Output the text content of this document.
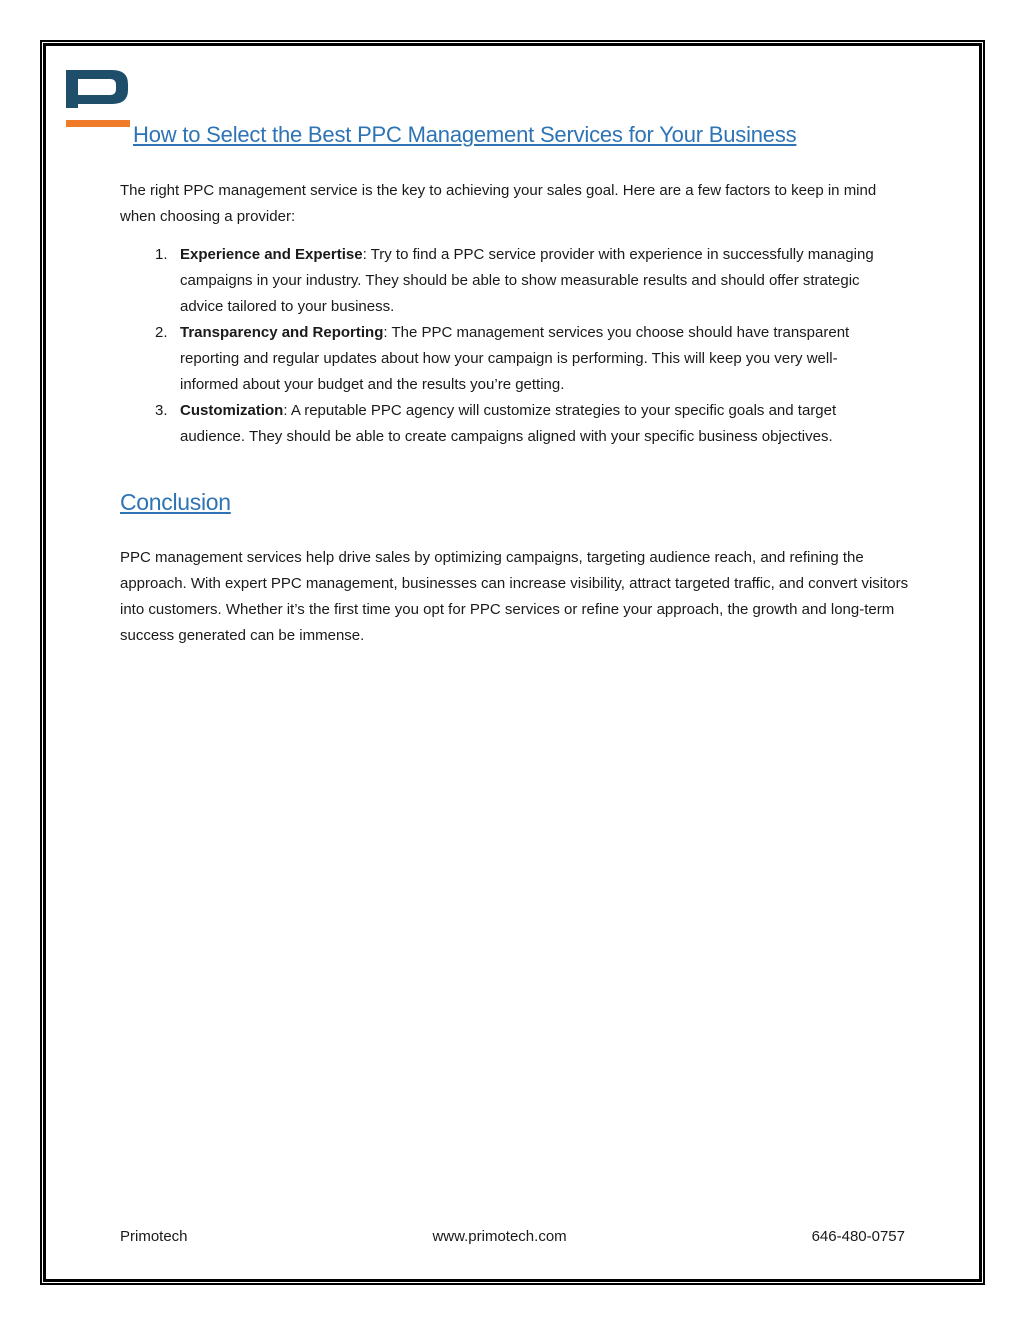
How to Select the Best PPC Management Services for Your Business
The right PPC management service is the key to achieving your sales goal. Here are a few factors to keep in mind when choosing a provider:
1. Experience and Expertise: Try to find a PPC service provider with experience in successfully managing campaigns in your industry. They should be able to show measurable results and should offer strategic advice tailored to your business.
2. Transparency and Reporting: The PPC management services you choose should have transparent reporting and regular updates about how your campaign is performing. This will keep you very well-informed about your budget and the results you’re getting.
3. Customization: A reputable PPC agency will customize strategies to your specific goals and target audience. They should be able to create campaigns aligned with your specific business objectives.
Conclusion
PPC management services help drive sales by optimizing campaigns, targeting audience reach, and refining the approach. With expert PPC management, businesses can increase visibility, attract targeted traffic, and convert visitors into customers. Whether it’s the first time you opt for PPC services or refine your approach, the growth and long-term success generated can be immense.
Primotech	www.primotech.com	646-480-0757
